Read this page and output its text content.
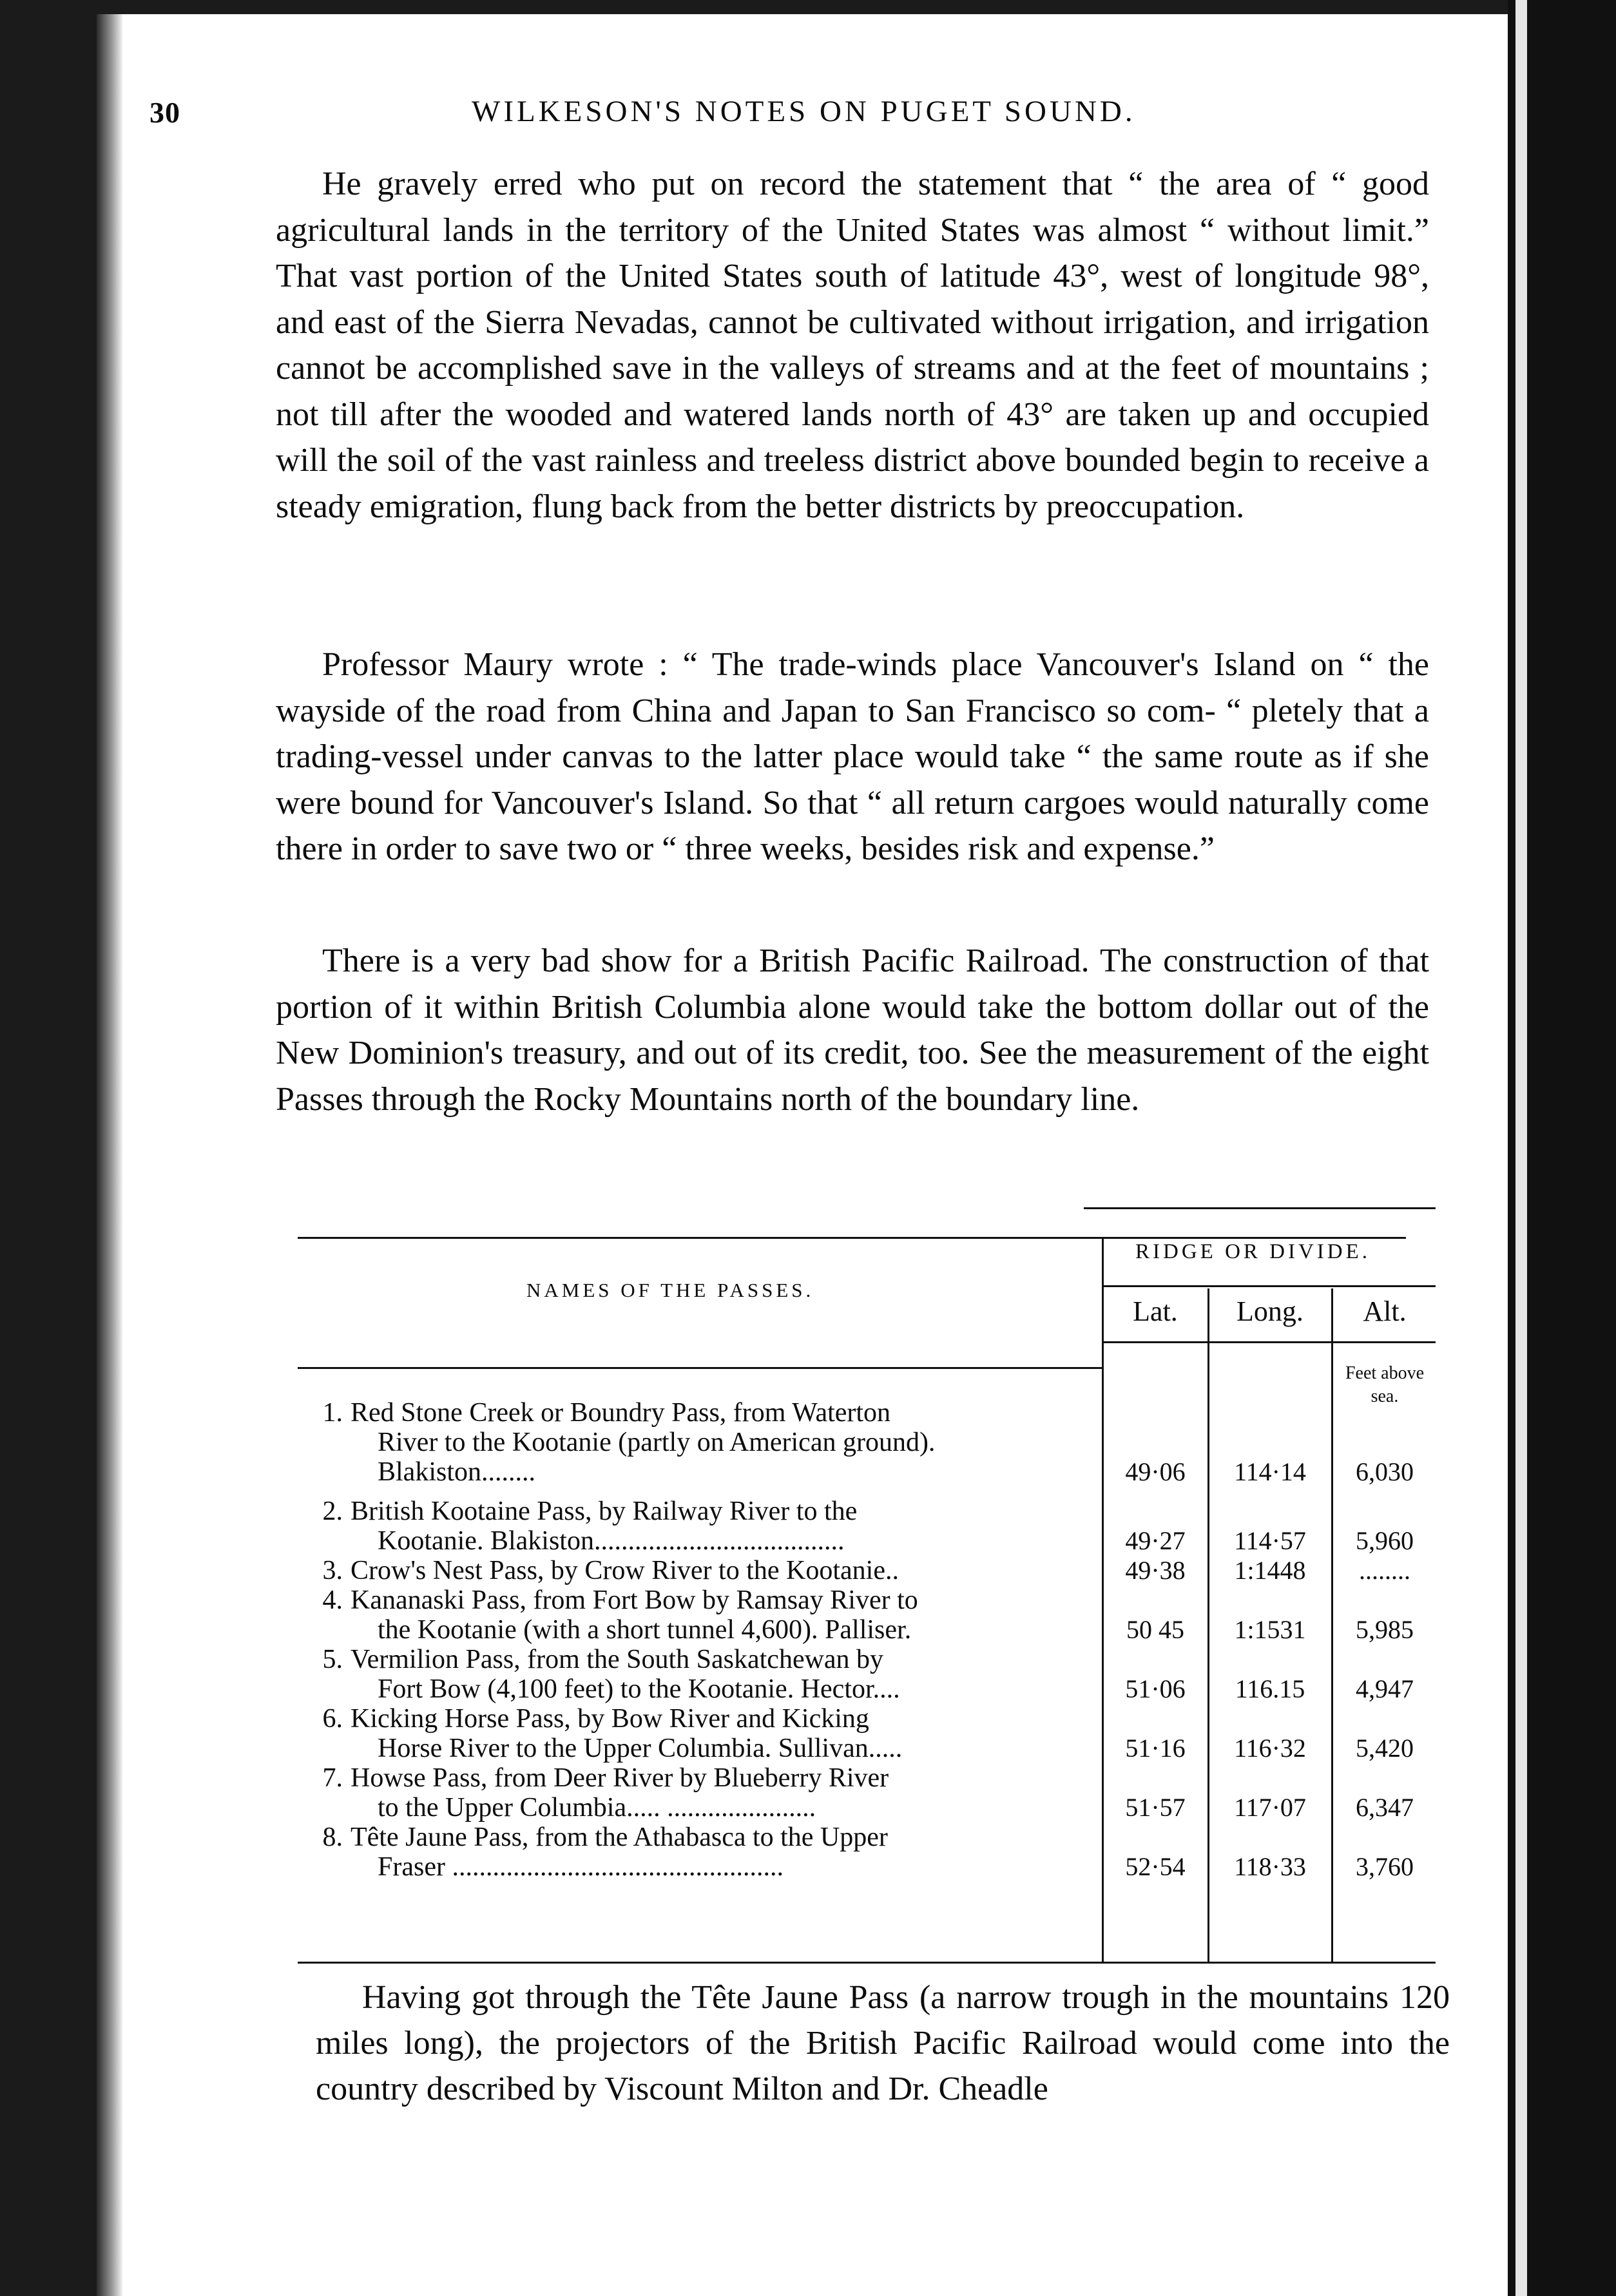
30	WILKESON'S NOTES ON PUGET SOUND.

He gravely erred who put on record the statement that “ the area of “ good agricultural lands in the territory of the United States was almost “ without limit.” That vast portion of the United States south of latitude 43°, west of longitude 98°, and east of the Sierra Nevadas, cannot be cultivated without irrigation, and irrigation cannot be accomplished save in the valleys of streams and at the feet of mountains ; not till after the wooded and watered lands north of 43° are taken up and occupied will the soil of the vast rainless and treeless district above bounded begin to receive a steady emigration, flung back from the better districts by preoccupation.

Professor Maury wrote : “ The trade-winds place Vancouver's Island on “ the wayside of the road from China and Japan to San Francisco so com- “ pletely that a trading-vessel under canvas to the latter place would take “ the same route as if she were bound for Vancouver's Island. So that “ all return cargoes would naturally come there in order to save two or “ three weeks, besides risk and expense.”

There is a very bad show for a British Pacific Railroad. The construction of that portion of it within British Columbia alone would take the bottom dollar out of the New Dominion's treasury, and out of its credit, too. See the measurement of the eight Passes through the Rocky Mountains north of the boundary line.

NAMES OF THE PASSES.
RIDGE OR DIVIDE.
Lat.	Long.	Alt.
Feet above sea.
1. Red Stone Creek or Boundry Pass, from Waterton
River to the Kootanie (partly on American ground). Blakiston........	49·06	114·14	6,030
2. British Kootaine Pass, by Railway River to the
Kootanie. Blakiston.....................................	49·27	114·57	5,960
3. Crow's Nest Pass, by Crow River to the Kootanie..	49·38	1:1448	........
4. Kananaski Pass, from Fort Bow by Ramsay River to
the Kootanie (with a short tunnel 4,600). Palliser.	50 45	1:1531	5,985
5. Vermilion Pass, from the South Saskatchewan by
Fort Bow (4,100 feet) to the Kootanie. Hector....	51·06	116.15	4,947
6. Kicking Horse Pass, by Bow River and Kicking
Horse River to the Upper Columbia. Sullivan.....	51·16	116·32	5,420
7. Howse Pass, from Deer River by Blueberry River
to the Upper Columbia..... ......................	51·57	117·07	6,347
8. Tête Jaune Pass, from the Athabasca to the Upper
Fraser .................................................	52·54	118·33	3,760

Having got through the Tête Jaune Pass (a narrow trough in the mountains 120 miles long), the projectors of the British Pacific Railroad would come into the country described by Viscount Milton and Dr. Cheadle
